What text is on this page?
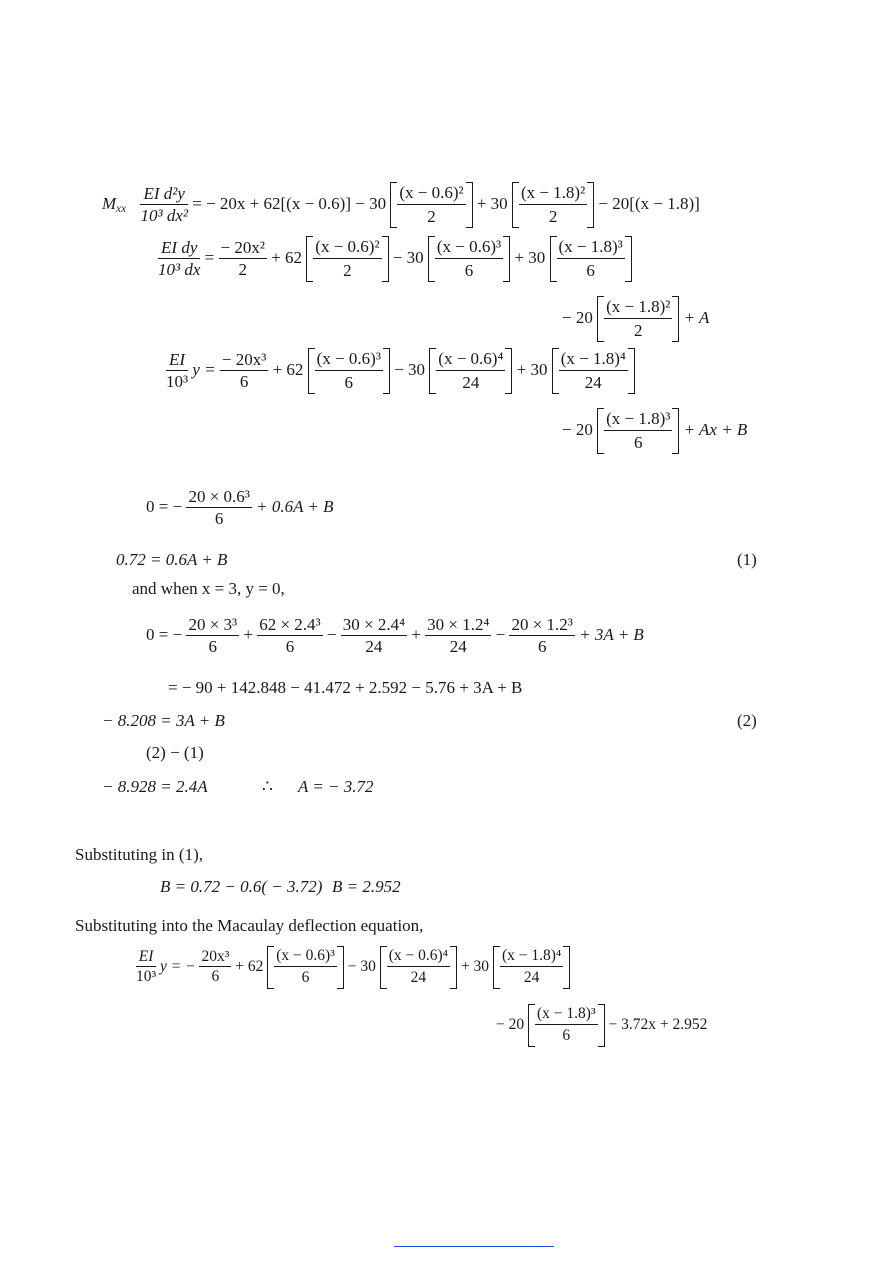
$M_{xx} \frac{\text{EI d²y}}{\text{10³ dx²}}$ = − 20x + 62[(x − 0.6)] − 30
(x − 0.6)²
2
+ 30
(x − 1.8)²
2
− 20[(x − 1.8)]
$\frac{\text{EI dy}}{\text{10³ dx}} = \frac{\text{− 20x²}}{2} + 62$
(x − 0.6)²
2
− 30
(x − 0.6)³
6
+ 30
(x − 1.8)³
6
− 20
(x − 1.8)²
2
+ A
$\frac{EI}{\text{10³}}$ $y = \frac{\text{− 20x³}}{6} + 62$
(x − 0.6)³
6
− 30
(x − 0.6)⁴
24
+ 30
(x − 1.8)⁴
24
− 20
(x − 1.8)³
6
+ Ax + B
0 = − $\frac{\text{20 × 0.6³}}{6} + 0.6A + B$
0.72 = 0.6A + B	(1)
and when x = 3, y = 0,
0 = − $\frac{\text{20 × 3³}}{6} + \frac{\text{62 × 2.4³}}{6} - \frac{\text{30 × 2.4⁴}}{24} + \frac{\text{30 × 1.2⁴}}{24} - \frac{\text{20 × 1.2³}}{6} + 3A + B$
= − 90 + 142.848 − 41.472 + 2.592 − 5.76 + 3A + B
− 8.208 = 3A + B	(2)
(2) − (1)
− 8.928 = 2.4A	∴ A = − 3.72
Substituting in (1),
B = 0.72 − 0.6( − 3.72) B = 2.952
Substituting into the Macaulay deflection equation,
$\frac{EI}{\text{10³}}$ y = − $\frac{\text{20x³}}{6} + 62$
(x − 0.6)³
6
− 30
(x − 0.6)⁴
24
+ 30
(x − 1.8)⁴
24
− 20
(x − 1.8)³
6
− 3.72x + 2.952
